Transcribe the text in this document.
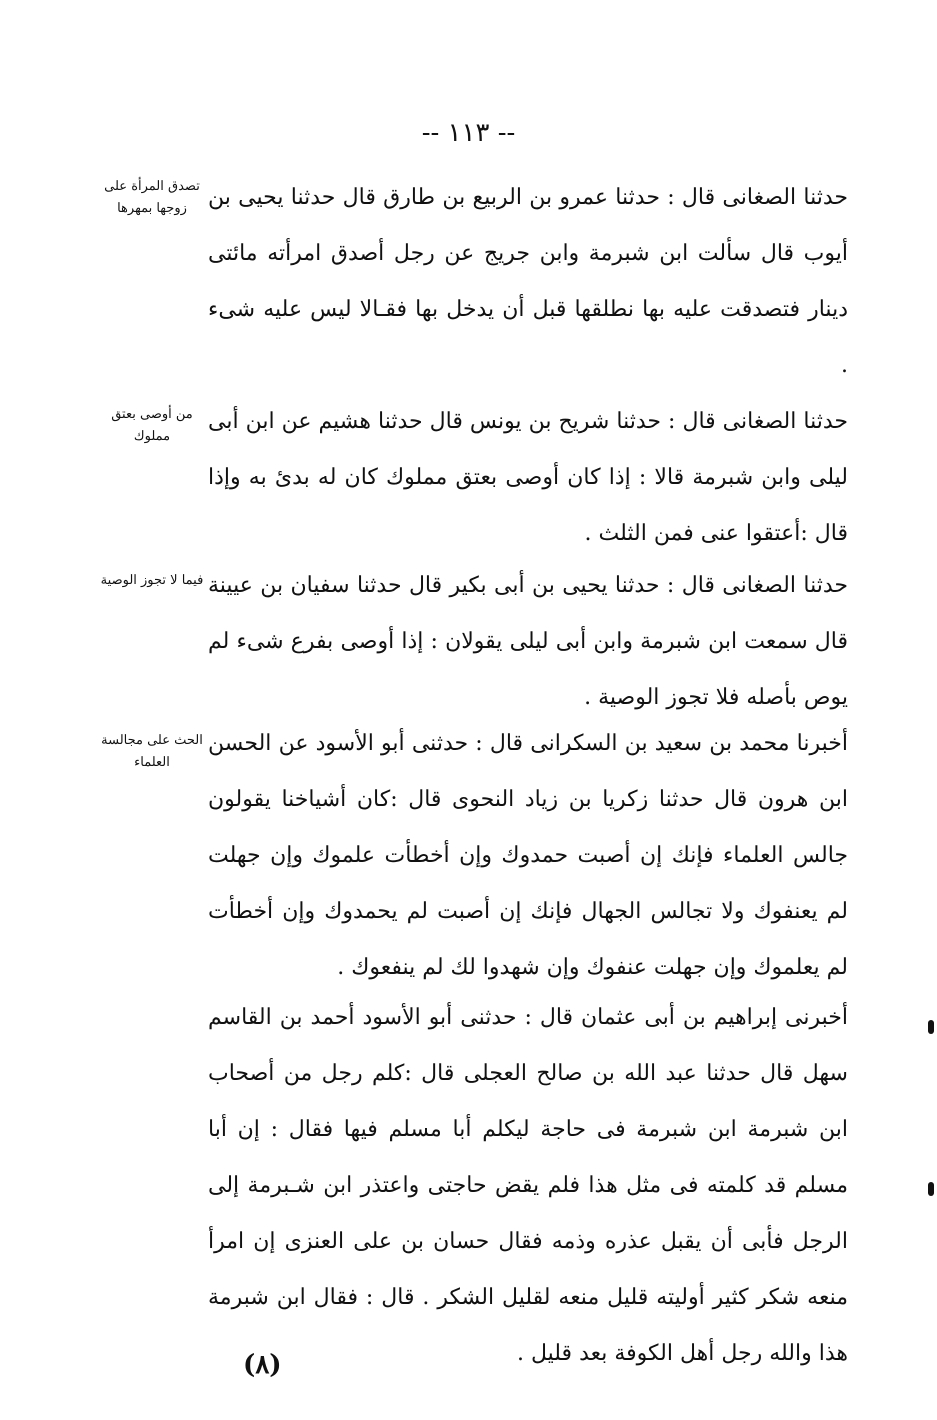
-- ١١٣ --
تصدق المرأة على زوجها بمهرها حدثنا الصغانى قال : حدثنا عمرو بن الربيع بن طارق قال حدثنا يحيى بن أيوب قال سألت ابن شبرمة وابن جريج عن رجل أصدق امرأته مائتى دينار فتصدقت عليه بها نطلقها قبل أن يدخل بها فقـالا ليس عليه شىء .

من أوصى بعتق مملوك

حدثنا الصغانى قال : حدثنا شريح بن يونس قال حدثنا هشيم عن ابن أبى ليلى وابن شبرمة قالا : إذا كان أوصى بعتق مملوك كان له بدئ به وإذا قال :أعتقوا عنى فمن الثلث .

فيما لا تجوز الوصية حدثنا الصغانى قال : حدثنا يحيى بن أبى بكير قال حدثنا سفيان بن عيينة قال سمعت ابن شبرمة وابن أبى ليلى يقولان : إذا أوصى بفرع شىء لم يوص بأصله فلا تجوز الوصية .

الحث على مجالسة العلماء

أخبرنا محمد بن سعيد بن السكرانى قال : حدثنى أبو الأسود عن الحسن ابن هرون قال حدثنا زكريا بن زياد النحوى قال :كان أشياخنا يقولون جالس العلماء فإنك إن أصبت حمدوك وإن أخطأت علموك وإن جهلت لم يعنفوك ولا تجالس الجهال فإنك إن أصبت لم يحمدوك وإن أخطأت لم يعلموك وإن جهلت عنفوك وإن شهدوا لك لم ينفعوك .

أخبرنى إبراهيم بن أبى عثمان قال : حدثنى أبو الأسود أحمد بن القاسم سهل قال حدثنا عبد الله بن صالح العجلى قال :كلم رجل من أصحاب ابن شبرمة ابن شبرمة فى حاجة ليكلم أبا مسلم فيها فقال : إن أبا مسلم قد كلمته فى مثل هذا فلم يقض حاجتى واعتذر ابن شـبرمة إلى الرجل فأبى أن يقبل عذره وذمه فقال حسان بن على العنزى إن امرأ منعه شكر كثير أوليته قليل منعه لقليل الشكر . قال : فقال ابن شبرمة هذا والله رجل أهل الكوفة بعد قليل .

(٨)
